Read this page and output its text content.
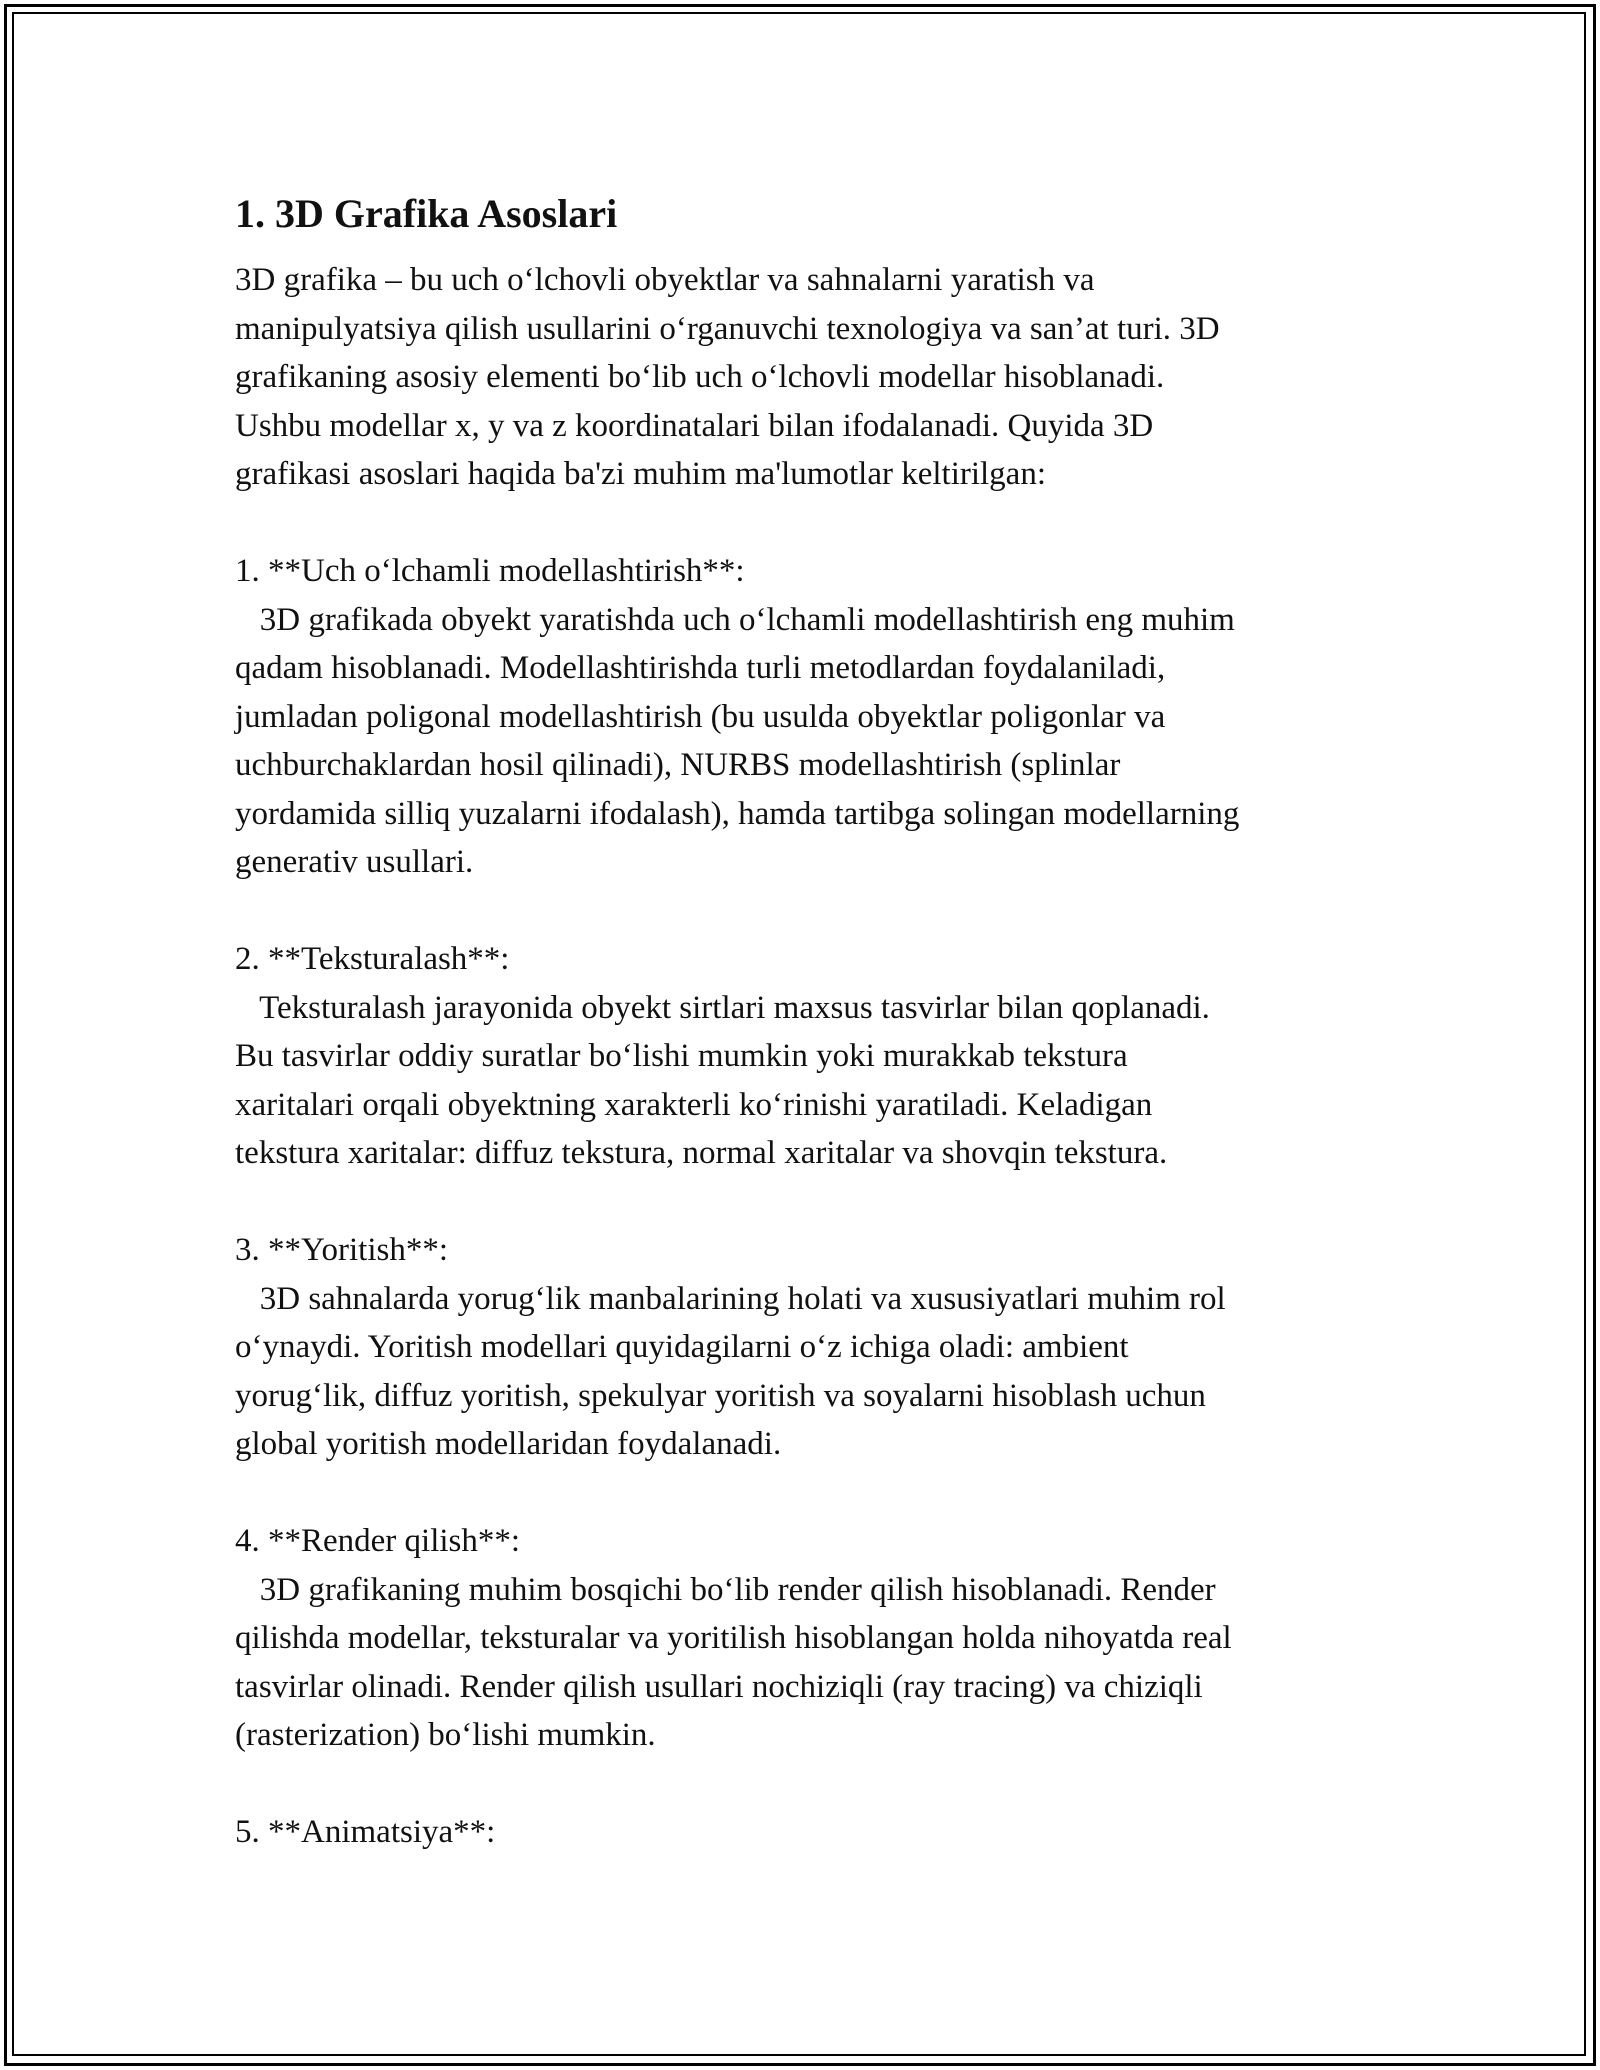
1. 3D Grafika Asoslari
3D grafika – bu uch o‘lchovli obyektlar va sahnalarni yaratish va
manipulyatsiya qilish usullarini o‘rganuvchi texnologiya va san’at turi. 3D
grafikaning asosiy elementi bo‘lib uch o‘lchovli modellar hisoblanadi.
Ushbu modellar x, y va z koordinatalari bilan ifodalanadi. Quyida 3D
grafikasi asoslari haqida ba'zi muhim ma'lumotlar keltirilgan:
1. **Uch o‘lchamli modellashtirish**:
3D grafikada obyekt yaratishda uch o‘lchamli modellashtirish eng muhim
qadam hisoblanadi. Modellashtirishda turli metodlardan foydalaniladi,
jumladan poligonal modellashtirish (bu usulda obyektlar poligonlar va
uchburchaklardan hosil qilinadi), NURBS modellashtirish (splinlar
yordamida silliq yuzalarni ifodalash), hamda tartibga solingan modellarning
generativ usullari.
2. **Teksturalash**:
Teksturalash jarayonida obyekt sirtlari maxsus tasvirlar bilan qoplanadi.
Bu tasvirlar oddiy suratlar bo‘lishi mumkin yoki murakkab tekstura
xaritalari orqali obyektning xarakterli ko‘rinishi yaratiladi. Keladigan
tekstura xaritalar: diffuz tekstura, normal xaritalar va shovqin tekstura.
3. **Yoritish**:
3D sahnalarda yorug‘lik manbalarining holati va xususiyatlari muhim rol
o‘ynaydi. Yoritish modellari quyidagilarni o‘z ichiga oladi: ambient
yorug‘lik, diffuz yoritish, spekulyar yoritish va soyalarni hisoblash uchun
global yoritish modellaridan foydalanadi.
4. **Render qilish**:
3D grafikaning muhim bosqichi bo‘lib render qilish hisoblanadi. Render
qilishda modellar, teksturalar va yoritilish hisoblangan holda nihoyatda real
tasvirlar olinadi. Render qilish usullari nochiziqli (ray tracing) va chiziqli
(rasterization) bo‘lishi mumkin.
5. **Animatsiya**:
